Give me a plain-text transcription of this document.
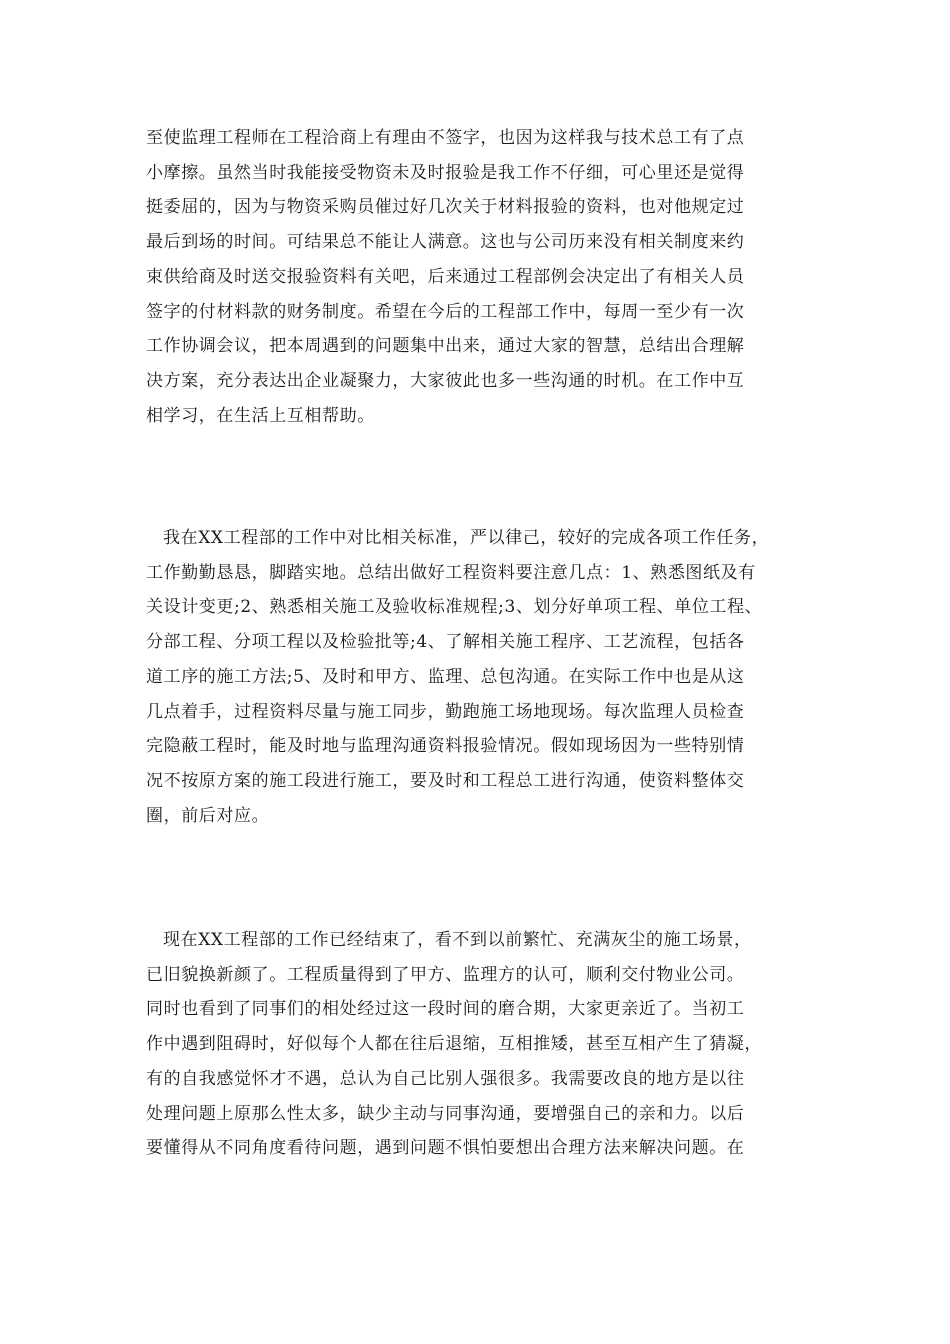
至使监理工程师在工程洽商上有理由不签字，也因为这样我与技术总工有了点
小摩擦。虽然当时我能接受物资未及时报验是我工作不仔细，可心里还是觉得
挺委屈的，因为与物资采购员催过好几次关于材料报验的资料，也对他规定过
最后到场的时间。可结果总不能让人满意。这也与公司历来没有相关制度来约
束供给商及时送交报验资料有关吧，后来通过工程部例会决定出了有相关人员
签字的付材料款的财务制度。希望在今后的工程部工作中，每周一至少有一次
工作协调会议，把本周遇到的问题集中出来，通过大家的智慧，总结出合理解
决方案，充分表达出企业凝聚力，大家彼此也多一些沟通的时机。在工作中互
相学习，在生活上互相帮助。

我在XX工程部的工作中对比相关标准，严以律己，较好的完成各项工作任务，
工作勤勤恳恳，脚踏实地。总结出做好工程资料要注意几点：1、熟悉图纸及有
关设计变更;2、熟悉相关施工及验收标准规程;3、划分好单项工程、单位工程、
分部工程、分项工程以及检验批等;4、了解相关施工程序、工艺流程，包括各
道工序的施工方法;5、及时和甲方、监理、总包沟通。在实际工作中也是从这
几点着手，过程资料尽量与施工同步，勤跑施工场地现场。每次监理人员检查
完隐蔽工程时，能及时地与监理沟通资料报验情况。假如现场因为一些特别情
况不按原方案的施工段进行施工，要及时和工程总工进行沟通，使资料整体交
圈，前后对应。

现在XX工程部的工作已经结束了，看不到以前繁忙、充满灰尘的施工场景，
已旧貌换新颜了。工程质量得到了甲方、监理方的认可，顺利交付物业公司。
同时也看到了同事们的相处经过这一段时间的磨合期，大家更亲近了。当初工
作中遇到阻碍时，好似每个人都在往后退缩，互相推矮，甚至互相产生了猜凝，
有的自我感觉怀才不遇，总认为自己比别人强很多。我需要改良的地方是以往
处理问题上原那么性太多，缺少主动与同事沟通，要增强自己的亲和力。以后
要懂得从不同角度看待问题，遇到问题不惧怕要想出合理方法来解决问题。在
